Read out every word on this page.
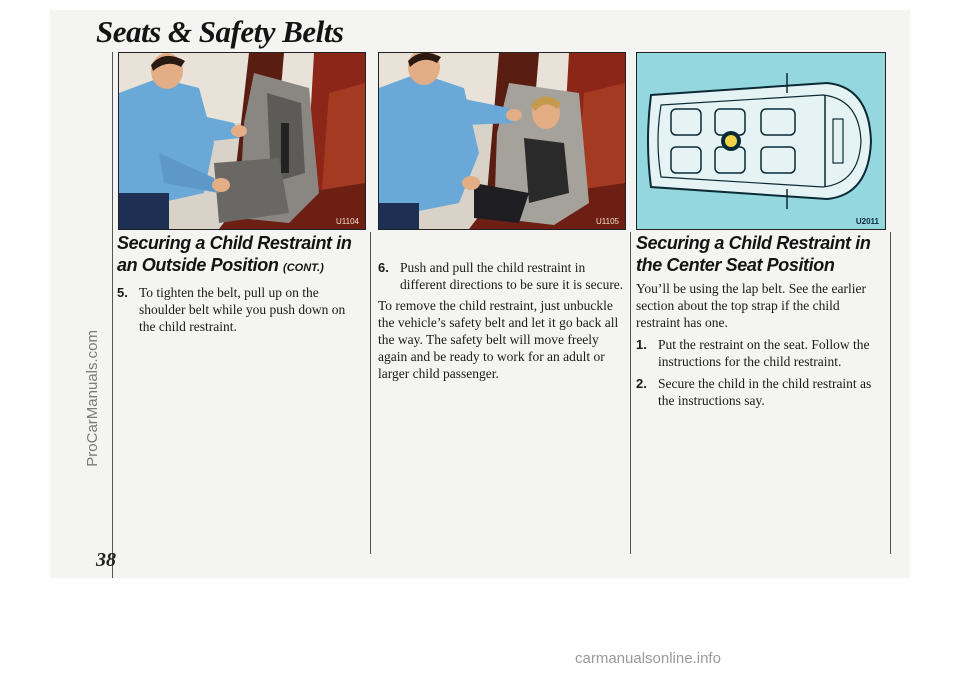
Seats & Safety Belts
U1104	U1105	U2011
Securing a Child Restraint in an Outside Position (CONT.)
5. To tighten the belt, pull up on the shoulder belt while you push down on the child restraint.
6. Push and pull the child restraint in different directions to be sure it is secure.

To remove the child restraint, just unbuckle the vehicle’s safety belt and let it go back all the way. The safety belt will move freely again and be ready to work for an adult or larger child passenger.

Securing a Child Restraint in the Center Seat Position

You’ll be using the lap belt. See the earlier section about the top strap if the child restraint has one.

1. Put the restraint on the seat. Follow the instructions for the child restraint.
2. Secure the child in the child restraint as the instructions say.
38
ProCarManuals.com
carmanualsonline.info
